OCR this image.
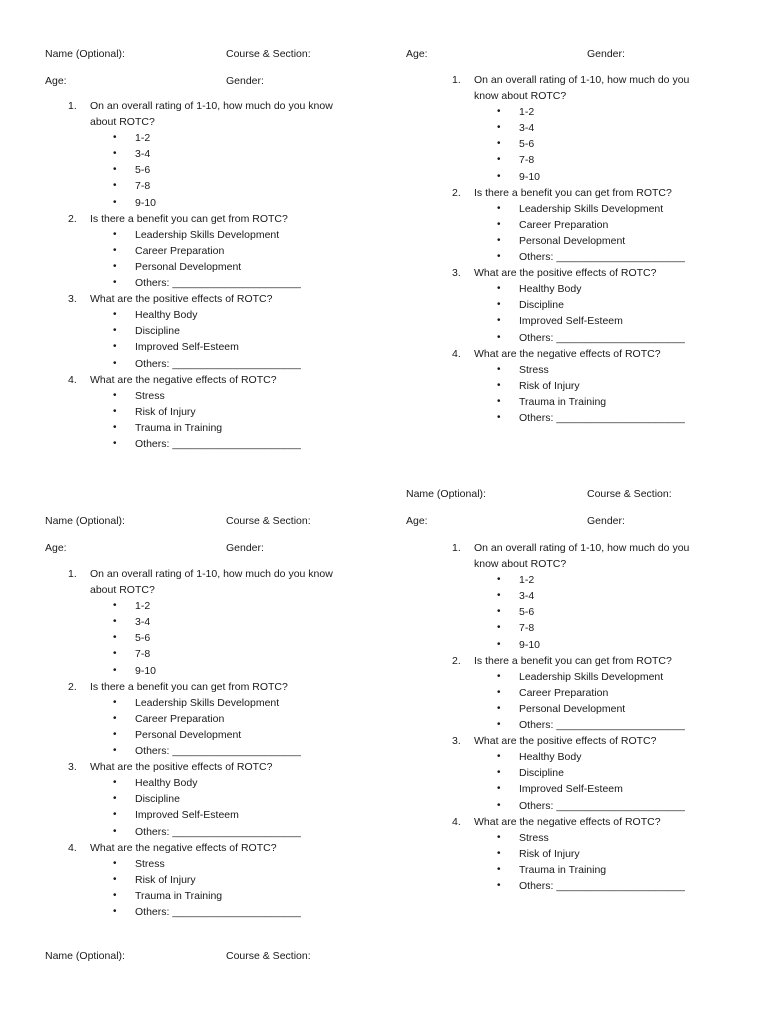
Name (Optional):	Course & Section:
Age:	Gender:
Age:	Gender:
Name (Optional):	Course & Section:
Age:	Gender:
Name (Optional):	Course & Section:
Age:	Gender:
Name (Optional):	Course & Section:
1. On an overall rating of 1-10, how much do you know about ROTC?
• 1-2
• 3-4
• 5-6
• 7-8
• 9-10
2. Is there a benefit you can get from ROTC?
• Leadership Skills Development
• Career Preparation
• Personal Development
• Others: ______________________
3. What are the positive effects of ROTC?
• Healthy Body
• Discipline
• Improved Self-Esteem
• Others: ______________________
4. What are the negative effects of ROTC?
• Stress
• Risk of Injury
• Trauma in Training
• Others: ______________________
1. On an overall rating of 1-10, how much do you know about ROTC?
• 1-2
• 3-4
• 5-6
• 7-8
• 9-10
2. Is there a benefit you can get from ROTC?
• Leadership Skills Development
• Career Preparation
• Personal Development
• Others: ______________________
3. What are the positive effects of ROTC?
• Healthy Body
• Discipline
• Improved Self-Esteem
• Others: ______________________
4. What are the negative effects of ROTC?
• Stress
• Risk of Injury
• Trauma in Training
• Others: ______________________
1. On an overall rating of 1-10, how much do you know about ROTC?
• 1-2
• 3-4
• 5-6
• 7-8
• 9-10
2. Is there a benefit you can get from ROTC?
• Leadership Skills Development
• Career Preparation
• Personal Development
• Others: ______________________
3. What are the positive effects of ROTC?
• Healthy Body
• Discipline
• Improved Self-Esteem
• Others: ______________________
4. What are the negative effects of ROTC?
• Stress
• Risk of Injury
• Trauma in Training
• Others: ______________________
1. On an overall rating of 1-10, how much do you know about ROTC?
• 1-2
• 3-4
• 5-6
• 7-8
• 9-10
2. Is there a benefit you can get from ROTC?
• Leadership Skills Development
• Career Preparation
• Personal Development
• Others: ______________________
3. What are the positive effects of ROTC?
• Healthy Body
• Discipline
• Improved Self-Esteem
• Others: ______________________
4. What are the negative effects of ROTC?
• Stress
• Risk of Injury
• Trauma in Training
• Others: ______________________
